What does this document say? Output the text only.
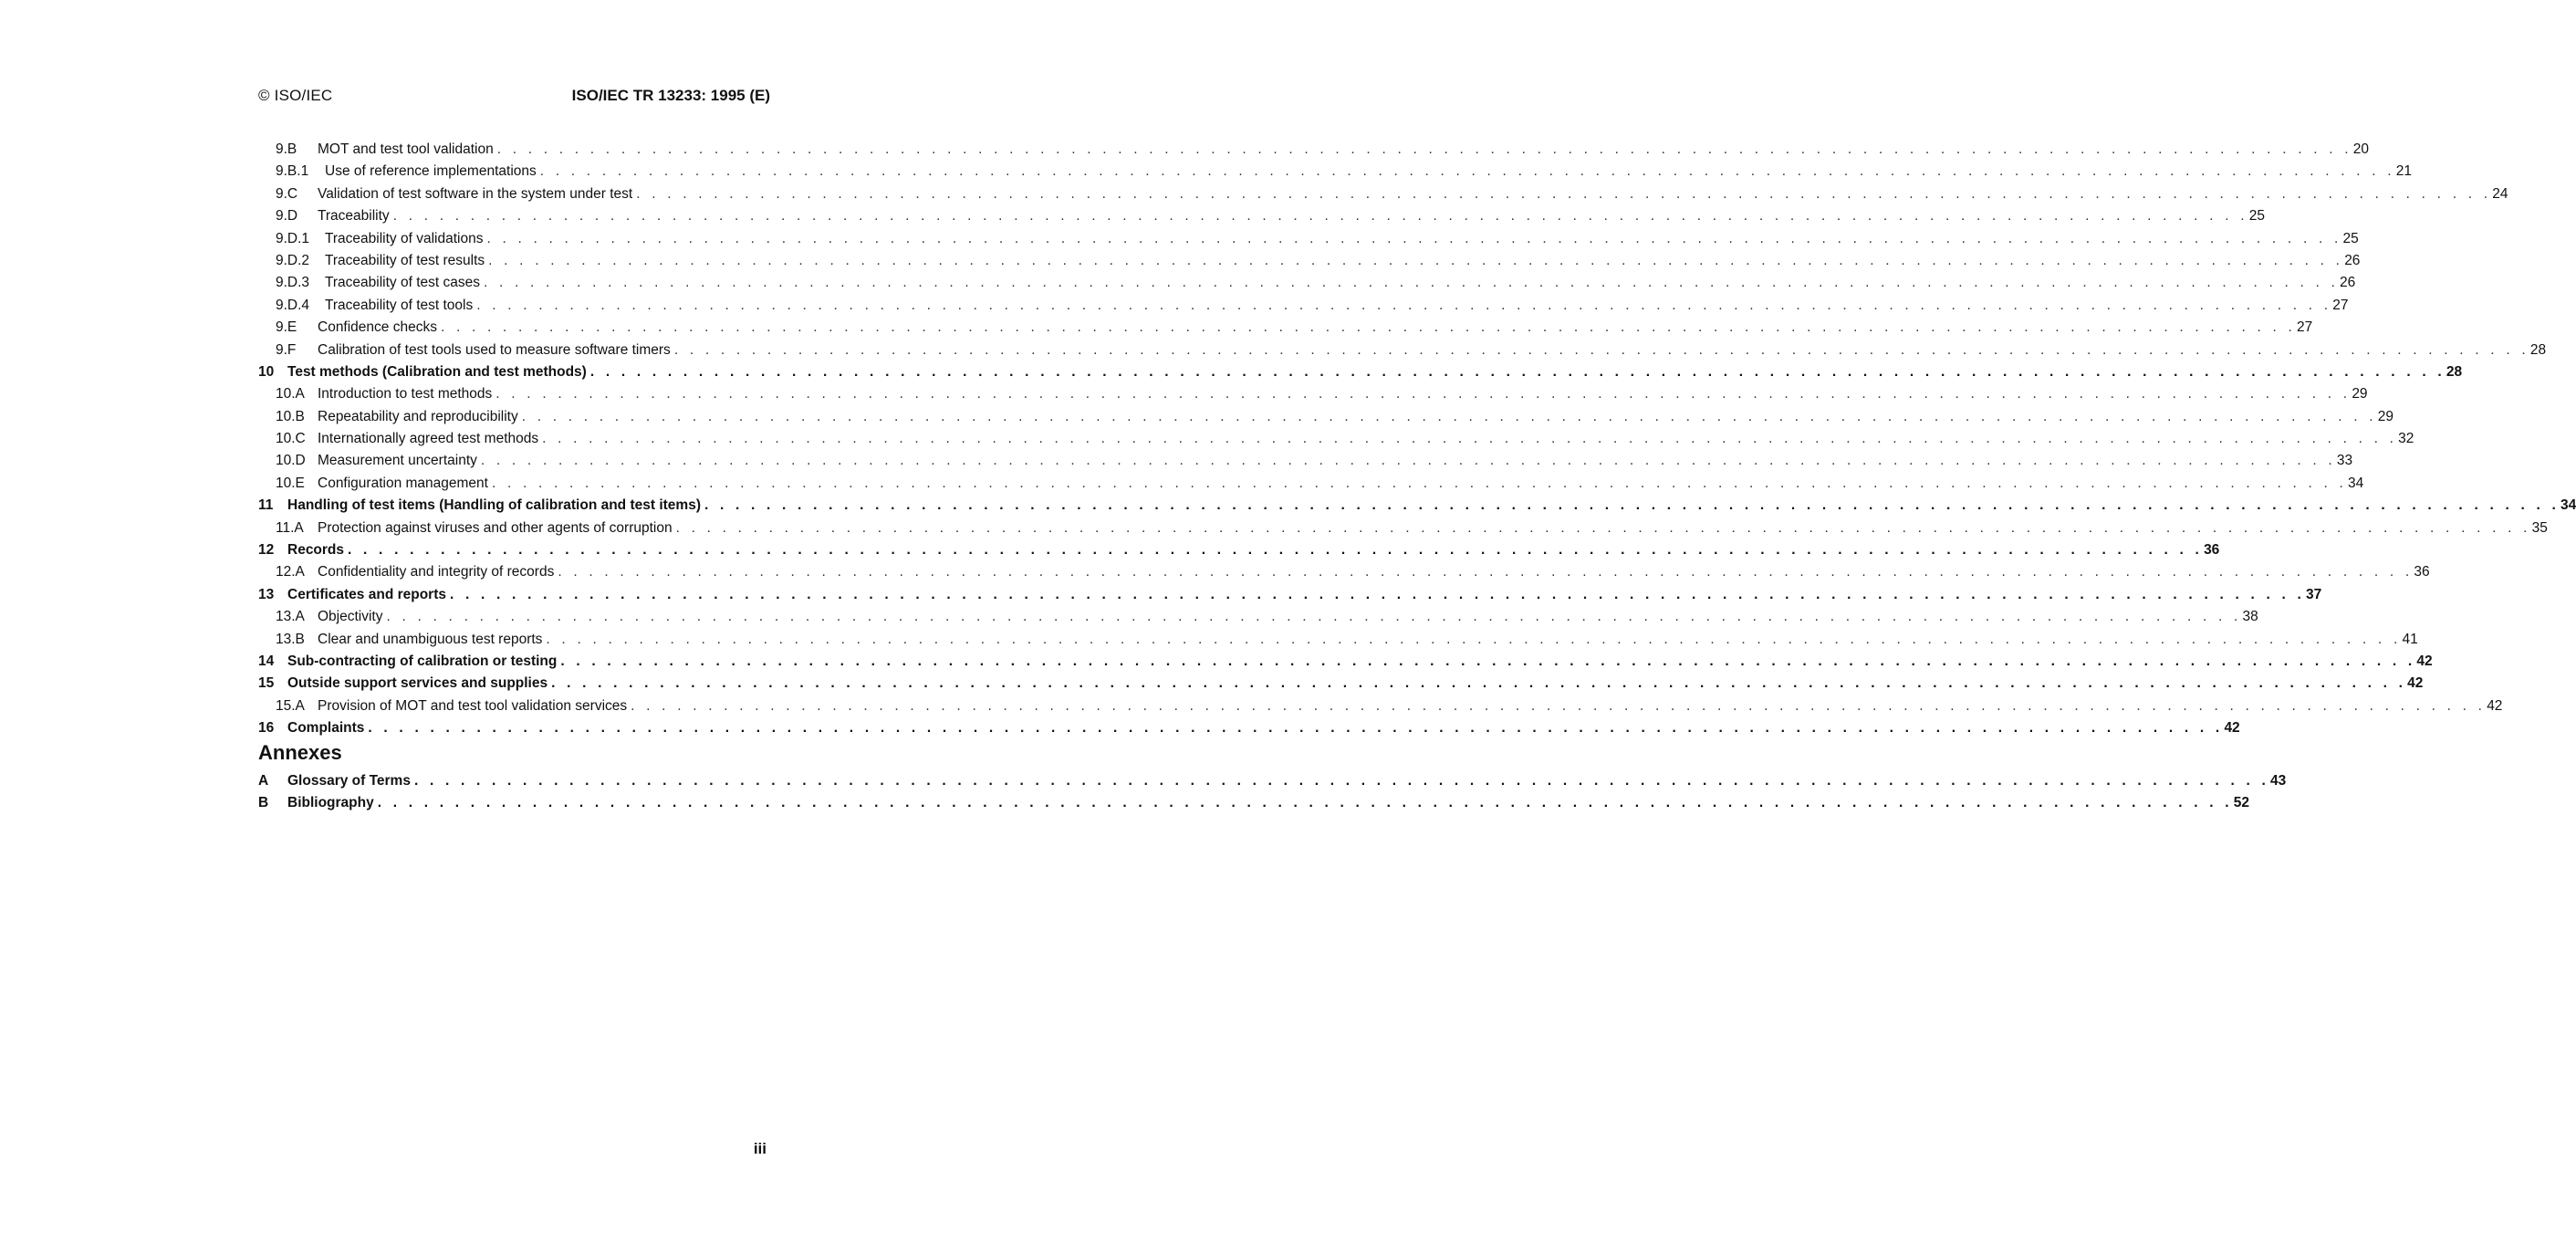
© ISO/IEC	ISO/IEC TR 13233: 1995 (E)
9.B MOT and test tool validation . . . . . . . . . . . . . . . . . . . . . . . . . . . . . . . . . . . . . . . . . . . . . . . . . . . . . . . . . . . . . . . . . . . . . . . . . . . . . . . . . . . . . . . . . . . . . . . . . . . . . . . . . . . . . . . . . . . . . . . . 20
9.B.1 Use of reference implementations . . . . . . . . . . . . . . . . . . . . . . . . . . . . . . . . . . . . . . . . . . . . . . . . . . . . . . . . . . . . . . . . . . . . . . . . . . . . . . . . . . . . . . . . . . . . . . . . . . . . . . . . . . . . . . . . . . . . . . . . 21
9.C Validation of test software in the system under test . . . . . . . . . . . . . . . . . . . . . . . . . . . . . . . . . . . . . . . . . . . . . . . . . . . . . . . . . . . . . . . . . . . . . . . . . . . . . . . . . . . . . . . . . . . . . . . . . . . . . . . . . . . . . . . . . . . . . . . . 24
9.D Traceability . . . . . . . . . . . . . . . . . . . . . . . . . . . . . . . . . . . . . . . . . . . . . . . . . . . . . . . . . . . . . . . . . . . . . . . . . . . . . . . . . . . . . . . . . . . . . . . . . . . . . . . . . . . . . . . . . . . . . . . . 25
9.D.1 Traceability of validations . . . . . . . . . . . . . . . . . . . . . . . . . . . . . . . . . . . . . . . . . . . . . . . . . . . . . . . . . . . . . . . . . . . . . . . . . . . . . . . . . . . . . . . . . . . . . . . . . . . . . . . . . . . . . . . . . . . . . . . . 25
9.D.2 Traceability of test results . . . . . . . . . . . . . . . . . . . . . . . . . . . . . . . . . . . . . . . . . . . . . . . . . . . . . . . . . . . . . . . . . . . . . . . . . . . . . . . . . . . . . . . . . . . . . . . . . . . . . . . . . . . . . . . . . . . . . . . . 26
9.D.3 Traceability of test cases . . . . . . . . . . . . . . . . . . . . . . . . . . . . . . . . . . . . . . . . . . . . . . . . . . . . . . . . . . . . . . . . . . . . . . . . . . . . . . . . . . . . . . . . . . . . . . . . . . . . . . . . . . . . . . . . . . . . . . . . 26
9.D.4 Traceability of test tools . . . . . . . . . . . . . . . . . . . . . . . . . . . . . . . . . . . . . . . . . . . . . . . . . . . . . . . . . . . . . . . . . . . . . . . . . . . . . . . . . . . . . . . . . . . . . . . . . . . . . . . . . . . . . . . . . . . . . . . . 27
9.E Confidence checks . . . . . . . . . . . . . . . . . . . . . . . . . . . . . . . . . . . . . . . . . . . . . . . . . . . . . . . . . . . . . . . . . . . . . . . . . . . . . . . . . . . . . . . . . . . . . . . . . . . . . . . . . . . . . . . . . . . . . . . . 27
9.F Calibration of test tools used to measure software timers . . . . . . . . . . . . . . . . . . . . . . . . . . . . . . . . . . . . . . . . . . . . . . . . . . . . . . . . . . . . . . . . . . . . . . . . . . . . . . . . . . . . . . . . . . . . . . . . . . . . . . . . . . . . . . . . . . . . . . . . 28
10 Test methods (Calibration and test methods) . . . . . . . . . . . . . . . . . . . . . . . . . . . . . . . . . . . . . . . . . . . . . . . . . . . . . . . . . . . . . . . . . . . . . . . . . . . . . . . . . . . . . . . . . . . . . . . . . . . . . . . . . . . . . . . . . . . . . . . . 28
10.A Introduction to test methods . . . . . . . . . . . . . . . . . . . . . . . . . . . . . . . . . . . . . . . . . . . . . . . . . . . . . . . . . . . . . . . . . . . . . . . . . . . . . . . . . . . . . . . . . . . . . . . . . . . . . . . . . . . . . . . . . . . . . . . . 29
10.B Repeatability and reproducibility . . . . . . . . . . . . . . . . . . . . . . . . . . . . . . . . . . . . . . . . . . . . . . . . . . . . . . . . . . . . . . . . . . . . . . . . . . . . . . . . . . . . . . . . . . . . . . . . . . . . . . . . . . . . . . . . . . . . . . . . 29
10.C Internationally agreed test methods . . . . . . . . . . . . . . . . . . . . . . . . . . . . . . . . . . . . . . . . . . . . . . . . . . . . . . . . . . . . . . . . . . . . . . . . . . . . . . . . . . . . . . . . . . . . . . . . . . . . . . . . . . . . . . . . . . . . . . . . 32
10.D Measurement uncertainty . . . . . . . . . . . . . . . . . . . . . . . . . . . . . . . . . . . . . . . . . . . . . . . . . . . . . . . . . . . . . . . . . . . . . . . . . . . . . . . . . . . . . . . . . . . . . . . . . . . . . . . . . . . . . . . . . . . . . . . . 33
10.E Configuration management . . . . . . . . . . . . . . . . . . . . . . . . . . . . . . . . . . . . . . . . . . . . . . . . . . . . . . . . . . . . . . . . . . . . . . . . . . . . . . . . . . . . . . . . . . . . . . . . . . . . . . . . . . . . . . . . . . . . . . . . 34
11 Handling of test items (Handling of calibration and test items) . . . . . . . . . . . . . . . . . . . . . . . . . . . . . . . . . . . . . . . . . . . . . . . . . . . . . . . . . . . . . . . . . . . . . . . . . . . . . . . . . . . . . . . . . . . . . . . . . . . . . . . . . . . . . . . . . . . . . . . . 34
11.A Protection against viruses and other agents of corruption . . . . . . . . . . . . . . . . . . . . . . . . . . . . . . . . . . . . . . . . . . . . . . . . . . . . . . . . . . . . . . . . . . . . . . . . . . . . . . . . . . . . . . . . . . . . . . . . . . . . . . . . . . . . . . . . . . . . . . . . 35
12 Records . . . . . . . . . . . . . . . . . . . . . . . . . . . . . . . . . . . . . . . . . . . . . . . . . . . . . . . . . . . . . . . . . . . . . . . . . . . . . . . . . . . . . . . . . . . . . . . . . . . . . . . . . . . . . . . . . . . . . . . . 36
12.A Confidentiality and integrity of records . . . . . . . . . . . . . . . . . . . . . . . . . . . . . . . . . . . . . . . . . . . . . . . . . . . . . . . . . . . . . . . . . . . . . . . . . . . . . . . . . . . . . . . . . . . . . . . . . . . . . . . . . . . . . . . . . . . . . . . . 36
13 Certificates and reports . . . . . . . . . . . . . . . . . . . . . . . . . . . . . . . . . . . . . . . . . . . . . . . . . . . . . . . . . . . . . . . . . . . . . . . . . . . . . . . . . . . . . . . . . . . . . . . . . . . . . . . . . . . . . . . . . . . . . . . . 37
13.A Objectivity . . . . . . . . . . . . . . . . . . . . . . . . . . . . . . . . . . . . . . . . . . . . . . . . . . . . . . . . . . . . . . . . . . . . . . . . . . . . . . . . . . . . . . . . . . . . . . . . . . . . . . . . . . . . . . . . . . . . . . . . 38
13.B Clear and unambiguous test reports . . . . . . . . . . . . . . . . . . . . . . . . . . . . . . . . . . . . . . . . . . . . . . . . . . . . . . . . . . . . . . . . . . . . . . . . . . . . . . . . . . . . . . . . . . . . . . . . . . . . . . . . . . . . . . . . . . . . . . . . 41
14 Sub-contracting of calibration or testing . . . . . . . . . . . . . . . . . . . . . . . . . . . . . . . . . . . . . . . . . . . . . . . . . . . . . . . . . . . . . . . . . . . . . . . . . . . . . . . . . . . . . . . . . . . . . . . . . . . . . . . . . . . . . . . . . . . . . . . . 42
15 Outside support services and supplies . . . . . . . . . . . . . . . . . . . . . . . . . . . . . . . . . . . . . . . . . . . . . . . . . . . . . . . . . . . . . . . . . . . . . . . . . . . . . . . . . . . . . . . . . . . . . . . . . . . . . . . . . . . . . . . . . . . . . . . . 42
15.A Provision of MOT and test tool validation services . . . . . . . . . . . . . . . . . . . . . . . . . . . . . . . . . . . . . . . . . . . . . . . . . . . . . . . . . . . . . . . . . . . . . . . . . . . . . . . . . . . . . . . . . . . . . . . . . . . . . . . . . . . . . . . . . . . . . . . . 42
16 Complaints . . . . . . . . . . . . . . . . . . . . . . . . . . . . . . . . . . . . . . . . . . . . . . . . . . . . . . . . . . . . . . . . . . . . . . . . . . . . . . . . . . . . . . . . . . . . . . . . . . . . . . . . . . . . . . . . . . . . . . . . 42
Annexes
A Glossary of Terms . . . . . . . . . . . . . . . . . . . . . . . . . . . . . . . . . . . . . . . . . . . . . . . . . . . . . . . . . . . . . . . . . . . . . . . . . . . . . . . . . . . . . . . . . . . . . . . . . . . . . . . . . . . . . . . . . . . . . . . . 43
B Bibliography . . . . . . . . . . . . . . . . . . . . . . . . . . . . . . . . . . . . . . . . . . . . . . . . . . . . . . . . . . . . . . . . . . . . . . . . . . . . . . . . . . . . . . . . . . . . . . . . . . . . . . . . . . . . . . . . . . . . . . . . 52
iii
